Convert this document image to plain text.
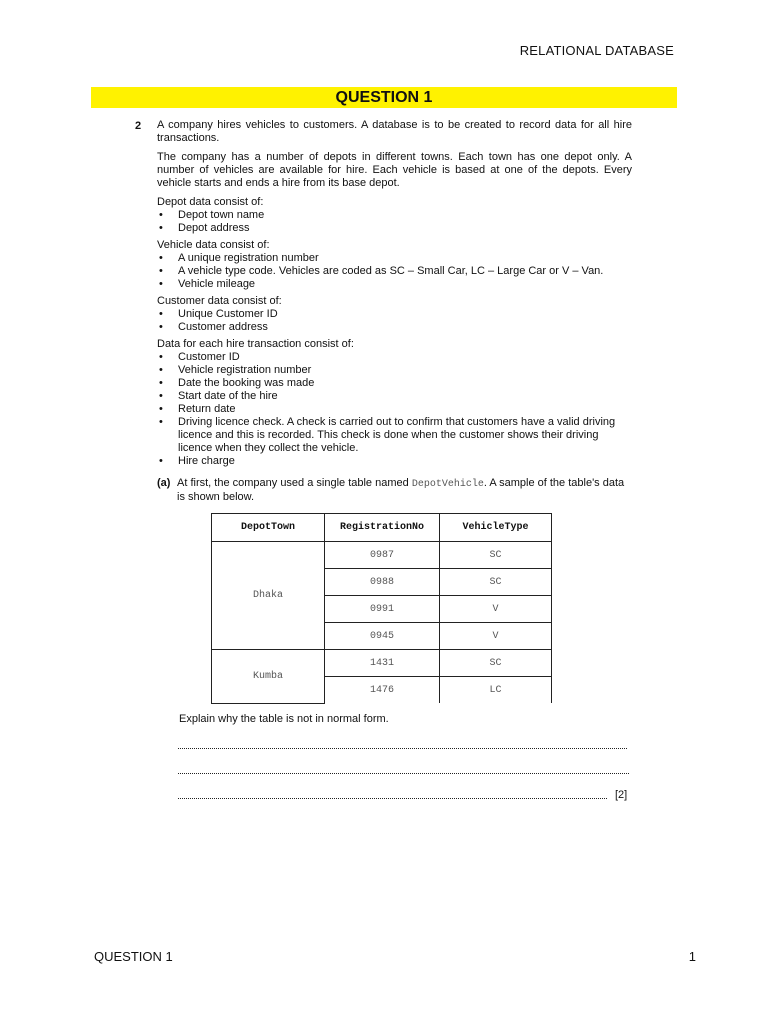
RELATIONAL DATABASE
QUESTION 1
2 A company hires vehicles to customers. A database is to be created to record data for all hire transactions.

The company has a number of depots in different towns. Each town has one depot only. A number of vehicles are available for hire. Each vehicle is based at one of the depots. Every vehicle starts and ends a hire from its base depot.

Depot data consist of:

• Depot town name
• Depot address

Vehicle data consist of:

• A unique registration number
• A vehicle type code. Vehicles are coded as SC – Small Car, LC – Large Car or V – Van.
• Vehicle mileage

Customer data consist of:

• Unique Customer ID
• Customer address

Data for each hire transaction consist of:

• Customer ID
• Vehicle registration number
• Date the booking was made
• Start date of the hire
• Return date
• Driving licence check. A check is carried out to confirm that customers have a valid driving licence and this is recorded. This check is done when the customer shows their driving licence when they collect the vehicle.
• Hire charge
(a) At first, the company used a single table named DepotVehicle. A sample of the table's data is shown below.
DepotTown	RegistrationNo	VehicleType
Dhaka	0987	SC
	0988	SC
	0991	V
	0945	V
Kumba	1431	SC
	1476	LC
Explain why the table is not in normal form.
[2]
QUESTION 1	1
